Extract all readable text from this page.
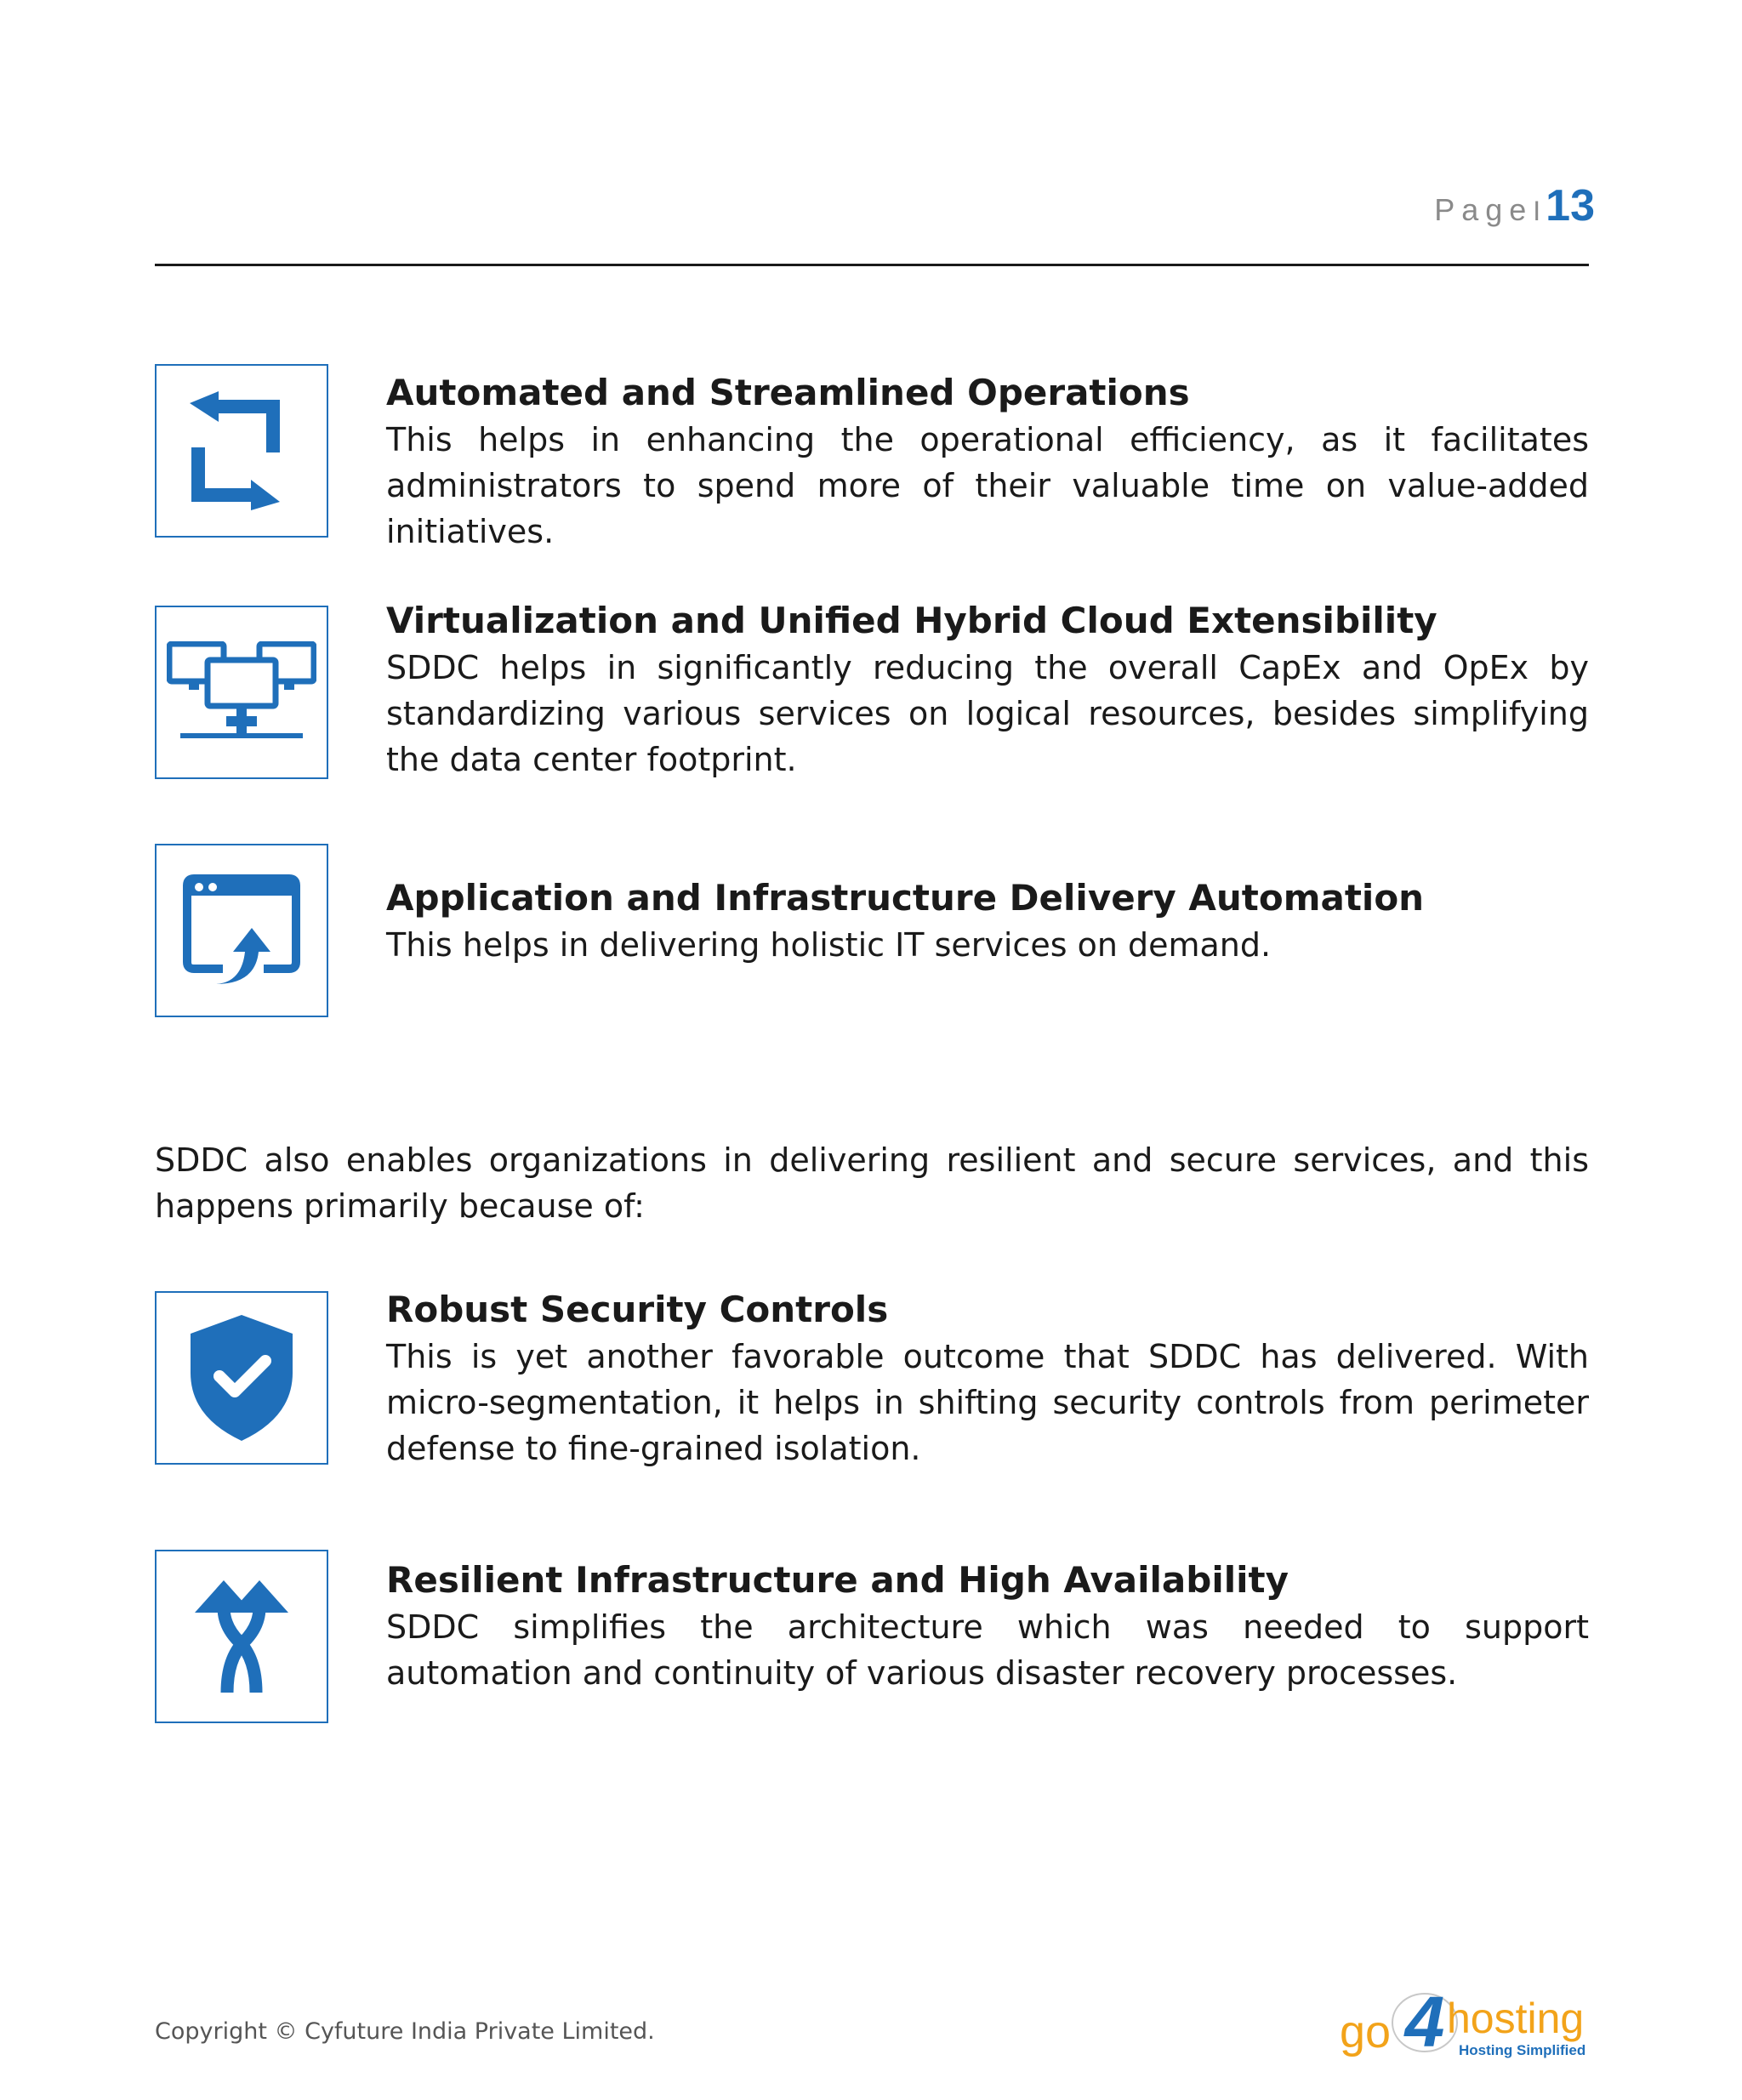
Page I 13

Automated and Streamlined Operations

This helps in enhancing the operational efficiency, as it facilitates administrators to spend more of their valuable time on value-added initiatives.

Virtualization and Unified Hybrid Cloud Extensibility

SDDC helps in significantly reducing the overall CapEx and OpEx by standardizing various services on logical resources, besides simplifying the data center footprint.

Application and Infrastructure Delivery Automation

This helps in delivering holistic IT services on demand.

SDDC also enables organizations in delivering resilient and secure services, and this happens primarily because of:

Robust Security Controls

This is yet another favorable outcome that SDDC has delivered. With micro-segmentation, it helps in shifting security controls from perimeter defense to fine-grained isolation.

Resilient Infrastructure and High Availability

SDDC simplifies the architecture which was needed to support automation and continuity of various disaster recovery processes.

Copyright © Cyfuture India Private Limited.	go 4 hosting
Hosting Simplified
